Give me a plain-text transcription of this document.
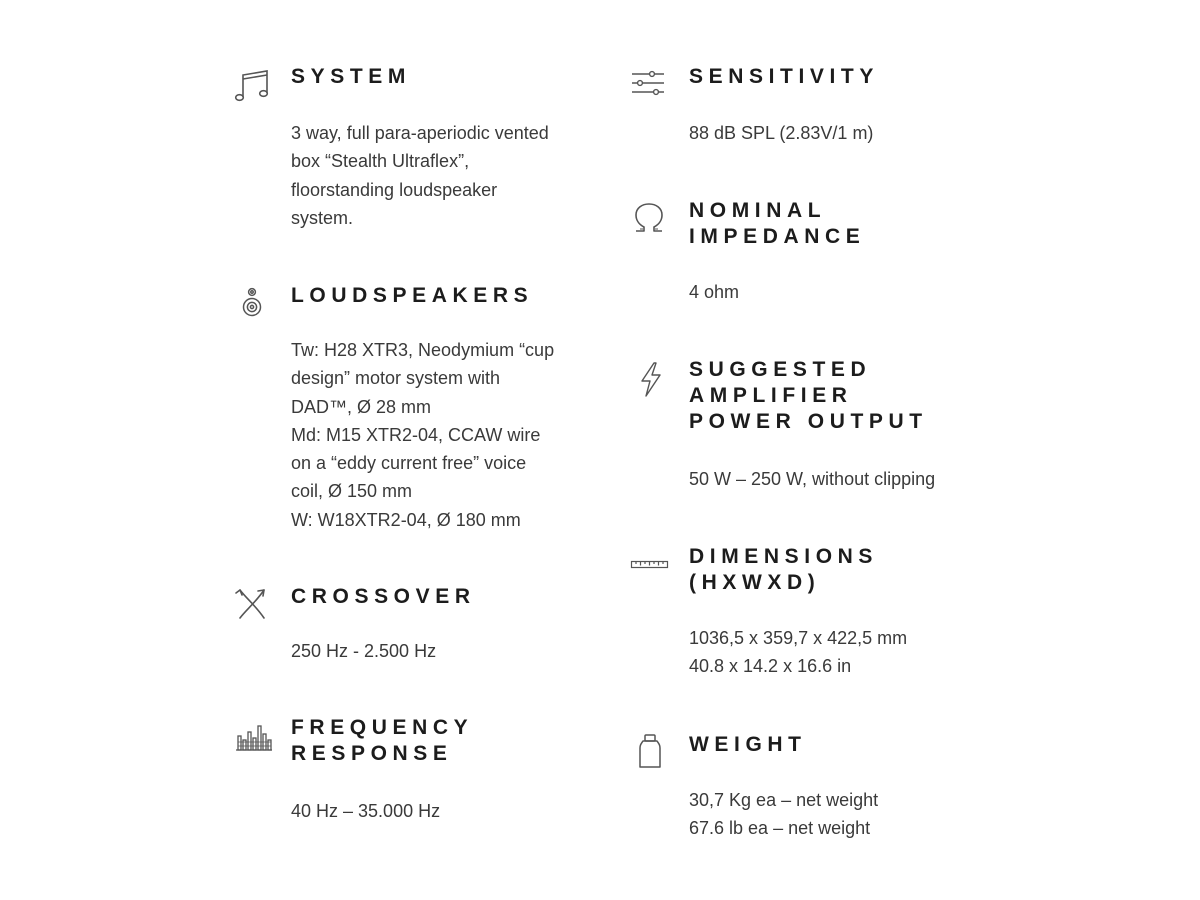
SYSTEM

3 way, full para-aperiodic vented
box “Stealth Ultraflex”,
floorstanding loudspeaker
system.

LOUDSPEAKERS

Tw: H28 XTR3, Neodymium “cup
design” motor system with
DAD™, Ø 28 mm
Md: M15 XTR2-04, CCAW wire
on a “eddy current free” voice
coil, Ø 150 mm
W: W18XTR2-04, Ø 180 mm

CROSSOVER

250 Hz - 2.500 Hz

FREQUENCY
RESPONSE

40 Hz – 35.000 Hz

SENSITIVITY

88 dB SPL (2.83V/1 m)

NOMINAL
IMPEDANCE

4 ohm

SUGGESTED
AMPLIFIER
POWER OUTPUT

50 W – 250 W, without clipping

DIMENSIONS
(HXWXD)

1036,5 x 359,7 x 422,5 mm
40.8 x 14.2 x 16.6 in

WEIGHT

30,7 Kg ea – net weight
67.6 lb ea – net weight
